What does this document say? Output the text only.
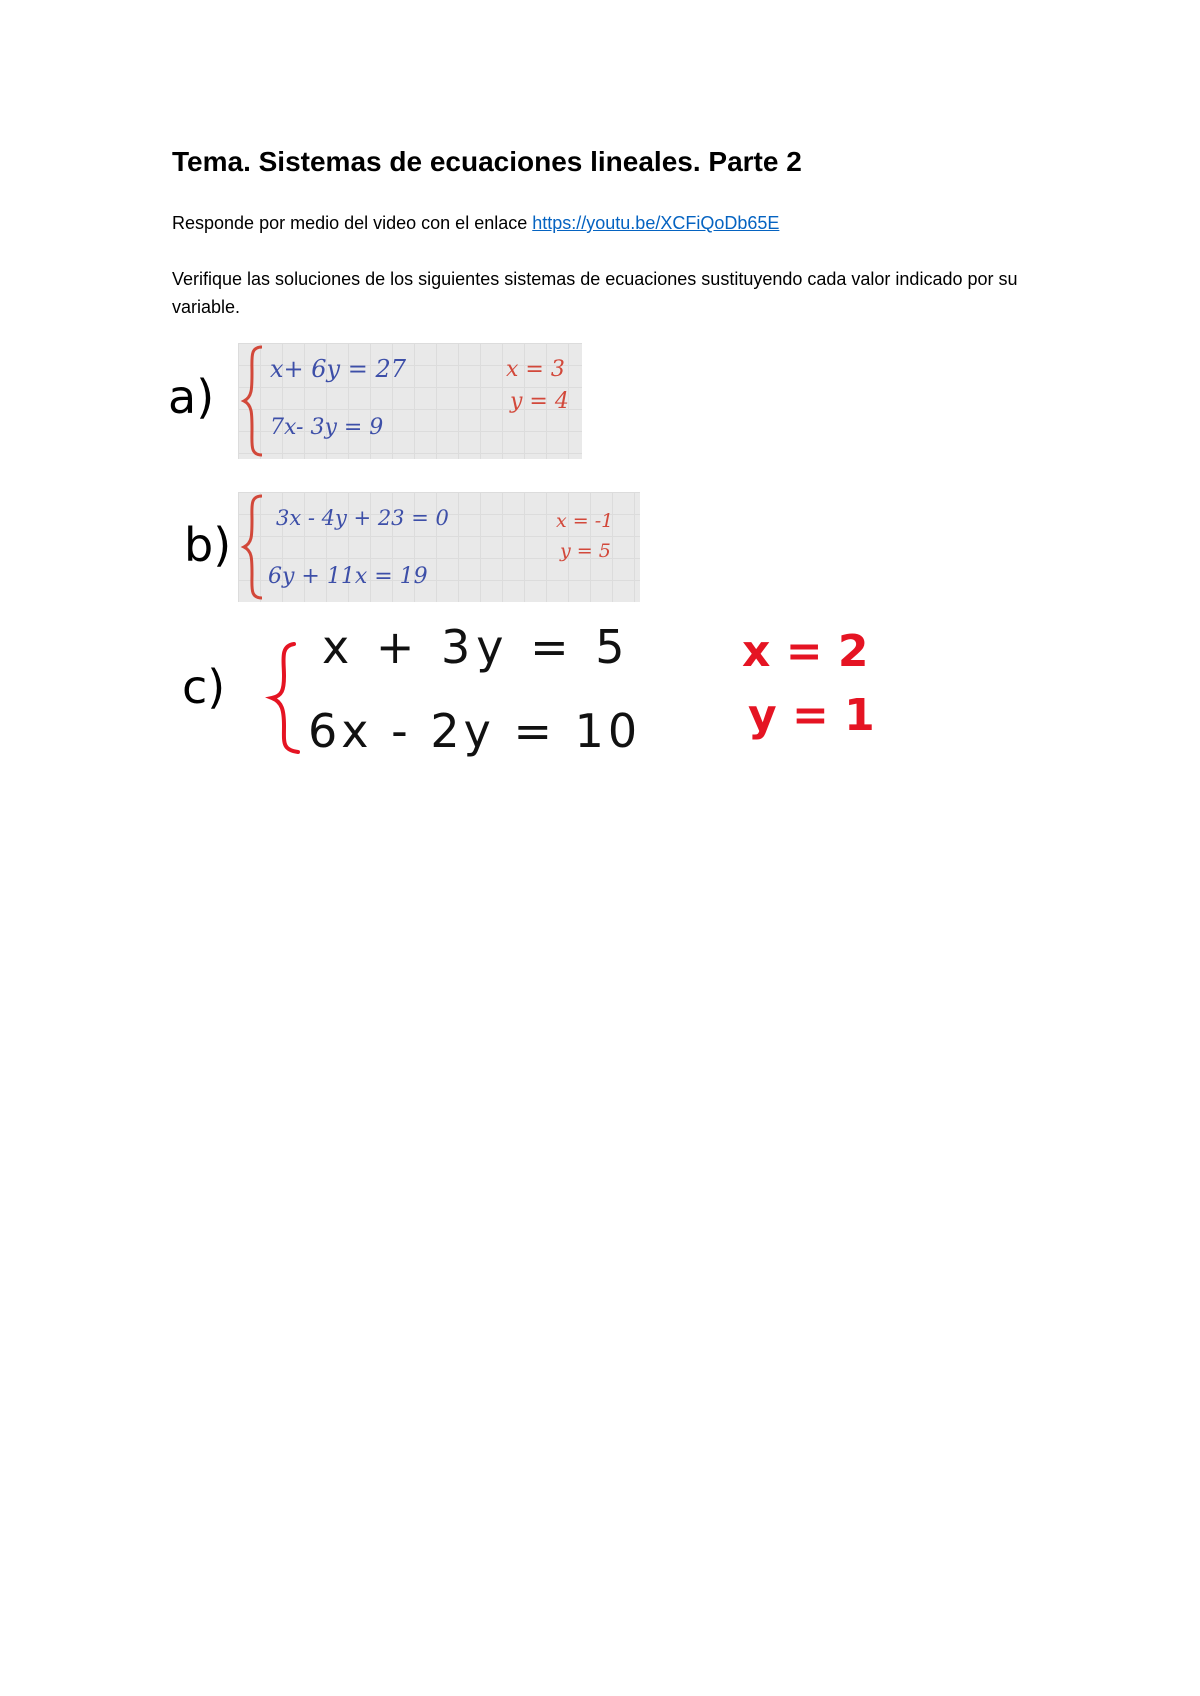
Tema. Sistemas de ecuaciones lineales. Parte 2
Responde por medio del video con el enlace https://youtu.be/XCFiQoDb65E
Verifique las soluciones de los siguientes sistemas de ecuaciones sustituyendo cada valor indicado por su variable.
a)
x+ 6y = 27
7x- 3y = 9
x = 3
y = 4
b) 3x - 4y + 23 = 0
6y + 11x = 19
x = -1
y = 5
c)
x + 3y = 5
6x - 2y = 10
x = 2
y = 1
